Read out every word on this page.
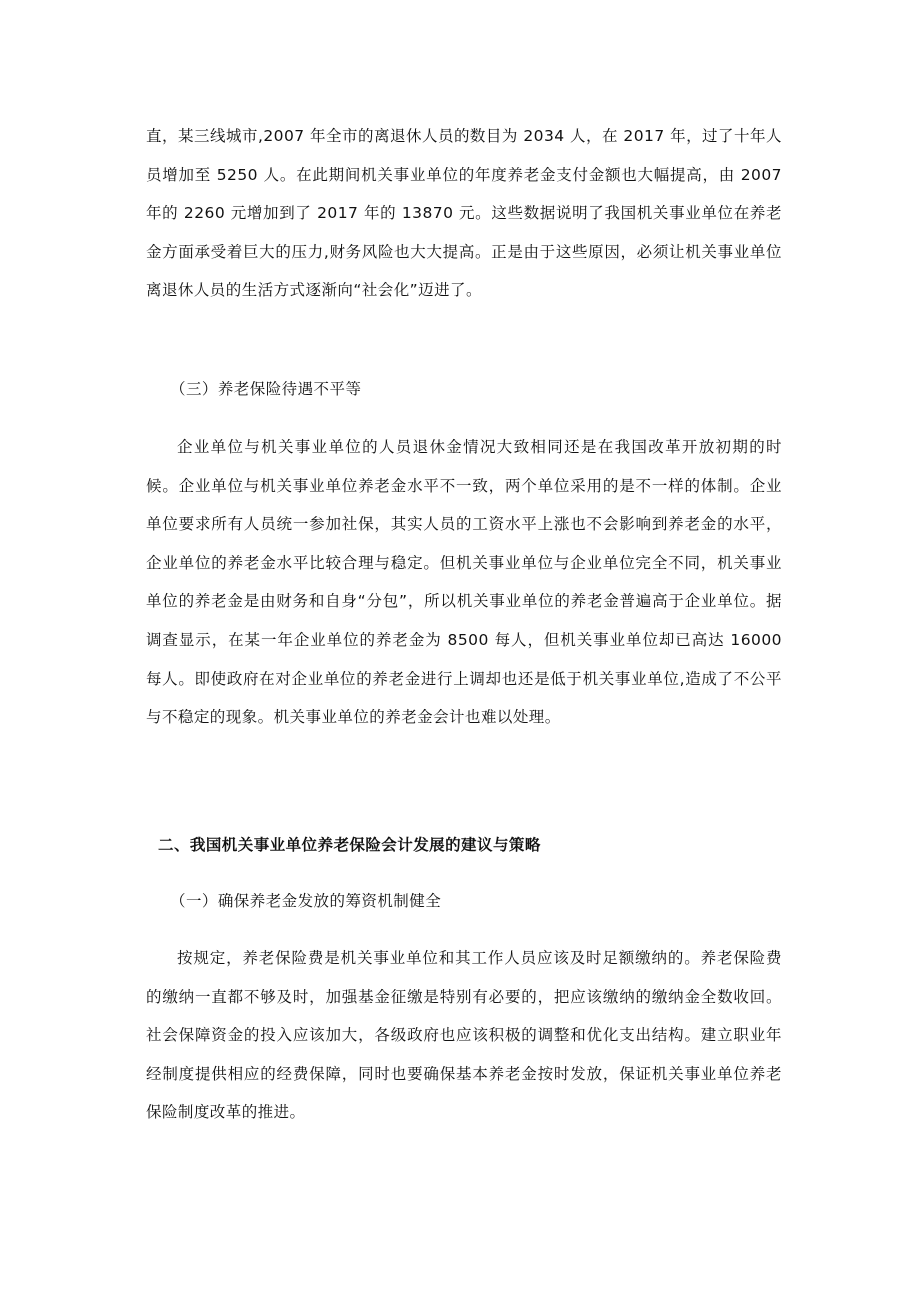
直，某三线城市,2007 年全市的离退休人员的数目为 2034 人，在 2017 年，过了十年人员增加至 5250 人。在此期间机关事业单位的年度养老金支付金额也大幅提高，由 2007 年的 2260 元增加到了 2017 年的 13870 元。这些数据说明了我国机关事业单位在养老金方面承受着巨大的压力,财务风险也大大提高。正是由于这些原因，必须让机关事业单位离退休人员的生活方式逐渐向“社会化”迈进了。

（三）养老保险待遇不平等

企业单位与机关事业单位的人员退休金情况大致相同还是在我国改革开放初期的时候。企业单位与机关事业单位养老金水平不一致，两个单位采用的是不一样的体制。企业单位要求所有人员统一参加社保，其实人员的工资水平上涨也不会影响到养老金的水平，企业单位的养老金水平比较合理与稳定。但机关事业单位与企业单位完全不同，机关事业单位的养老金是由财务和自身“分包”，所以机关事业单位的养老金普遍高于企业单位。据调查显示，在某一年企业单位的养老金为 8500 每人，但机关事业单位却已高达 16000 每人。即使政府在对企业单位的养老金进行上调却也还是低于机关事业单位,造成了不公平与不稳定的现象。机关事业单位的养老金会计也难以处理。

二、我国机关事业单位养老保险会计发展的建议与策略

（一）确保养老金发放的筹资机制健全

按规定，养老保险费是机关事业单位和其工作人员应该及时足额缴纳的。养老保险费的缴纳一直都不够及时，加强基金征缴是特别有必要的，把应该缴纳的缴纳金全数收回。社会保障资金的投入应该加大，各级政府也应该积极的调整和优化支出结构。建立职业年经制度提供相应的经费保障，同时也要确保基本养老金按时发放，保证机关事业单位养老保险制度改革的推进。
